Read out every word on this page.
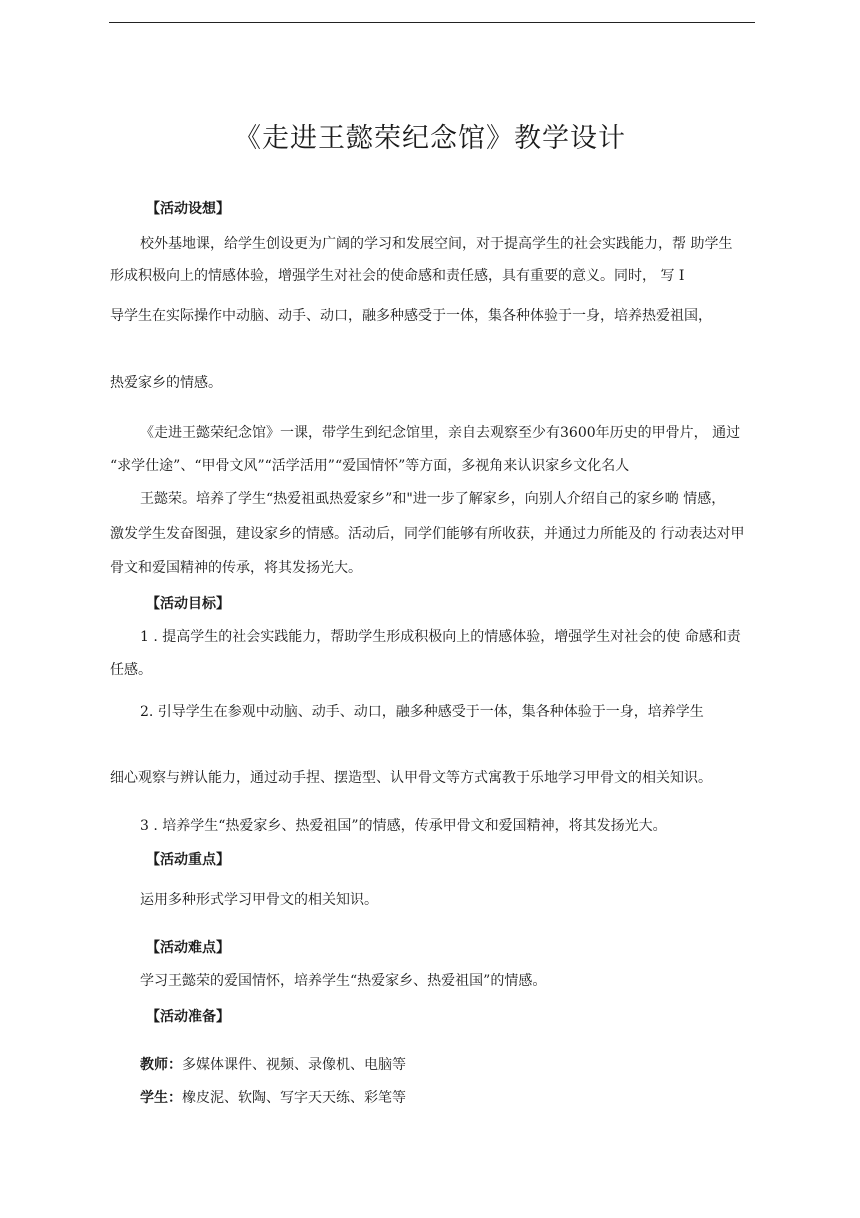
《走进王懿荣纪念馆》教学设计
【活动设想】
校外基地课，给学生创设更为广阔的学习和发展空间，对于提高学生的社会实践能力，帮 助学生
形成积极向上的情感体验，增强学生对社会的使命感和责任感，具有重要的意义。同时， 写 I
导学生在实际操作中动脑、动手、动口，融多种感受于一体，集各种体验于一身，培养热爱祖国，
热爱家乡的情感。
《走进王懿荣纪念馆》一课，带学生到纪念馆里，亲自去观察至少有3600年历史的甲骨片， 通过
“求学仕途”、“甲骨文风”“活学活用”“爱国情怀”等方面，多视角来认识家乡文化名人
王懿荣。培养了学生“热爱祖虱热爱家乡”和"进一步了解家乡，向别人介绍自己的家乡啲 情感，
激发学生发奋图强，建设家乡的情感。活动后，同学们能够有所收获，并通过力所能及的 行动表达对甲
骨文和爱国精神的传承，将其发扬光大。
【活动目标】
1 . 提高学生的社会实践能力，帮助学生形成积极向上的情感体验，增强学生对社会的使 命感和责
任感。
2. 引导学生在参观中动脑、动手、动口，融多种感受于一体，集各种体验于一身，培养学生
细心观察与辨认能力，通过动手捏、摆造型、认甲骨文等方式寓教于乐地学习甲骨文的相关知识。
3 . 培养学生“热爱家乡、热爱祖国”的情感，传承甲骨文和爱国精神，将其发扬光大。
【活动重点】
运用多种形式学习甲骨文的相关知识。
【活动难点】
学习王懿荣的爱国情怀，培养学生“热爱家乡、热爱祖国”的情感。
【活动准备】
教师：多媒体课件、视频、录像机、电脑等
学生：橡皮泥、软陶、写字天天练、彩笔等
